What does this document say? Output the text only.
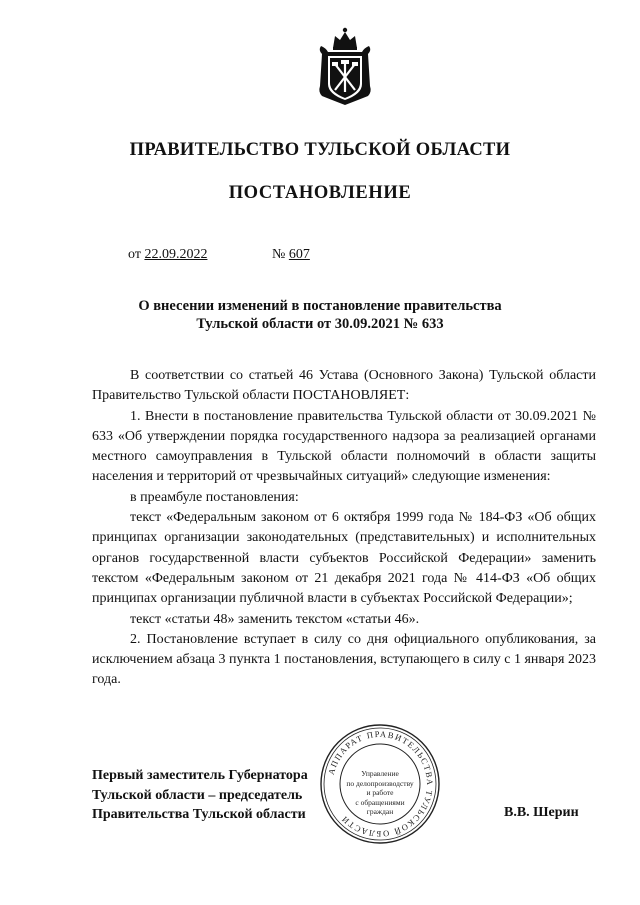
ПРАВИТЕЛЬСТВО ТУЛЬСКОЙ ОБЛАСТИ
ПОСТАНОВЛЕНИЕ
от 22.09.2022	№ 607
О внесении изменений в постановление правительства
Тульской области от 30.09.2021 № 633

В соответствии со статьей 46 Устава (Основного Закона) Тульской области Правительство Тульской области ПОСТАНОВЛЯЕТ:

1. Внести в постановление правительства Тульской области от 30.09.2021 № 633 «Об утверждении порядка государственного надзора за реализацией органами местного самоуправления в Тульской области полномочий в области защиты населения и территорий от чрезвычайных ситуаций» следующие изменения:

в преамбуле постановления:

текст «Федеральным законом от 6 октября 1999 года № 184-ФЗ «Об общих принципах организации законодательных (представительных) и исполнительных органов государственной власти субъектов Российской Федерации» заменить текстом «Федеральным законом от 21 декабря 2021 года № 414-ФЗ «Об общих принципах организации публичной власти в субъектах Российской Федерации»;

текст «статьи 48» заменить текстом «статьи 46».

2. Постановление вступает в силу со дня официального опубликования, за исключением абзаца 3 пункта 1 постановления, вступающего в силу с 1 января 2023 года.

Первый заместитель Губернатора
Тульской области – председатель
Правительства Тульской области	В.В. Шерин
АППАРАТ ПРАВИТЕЛЬСТВА ТУЛЬСКОЙ ОБЛАСТИ
Управление
по делопроизводству
и работе
с обращениями
граждан
